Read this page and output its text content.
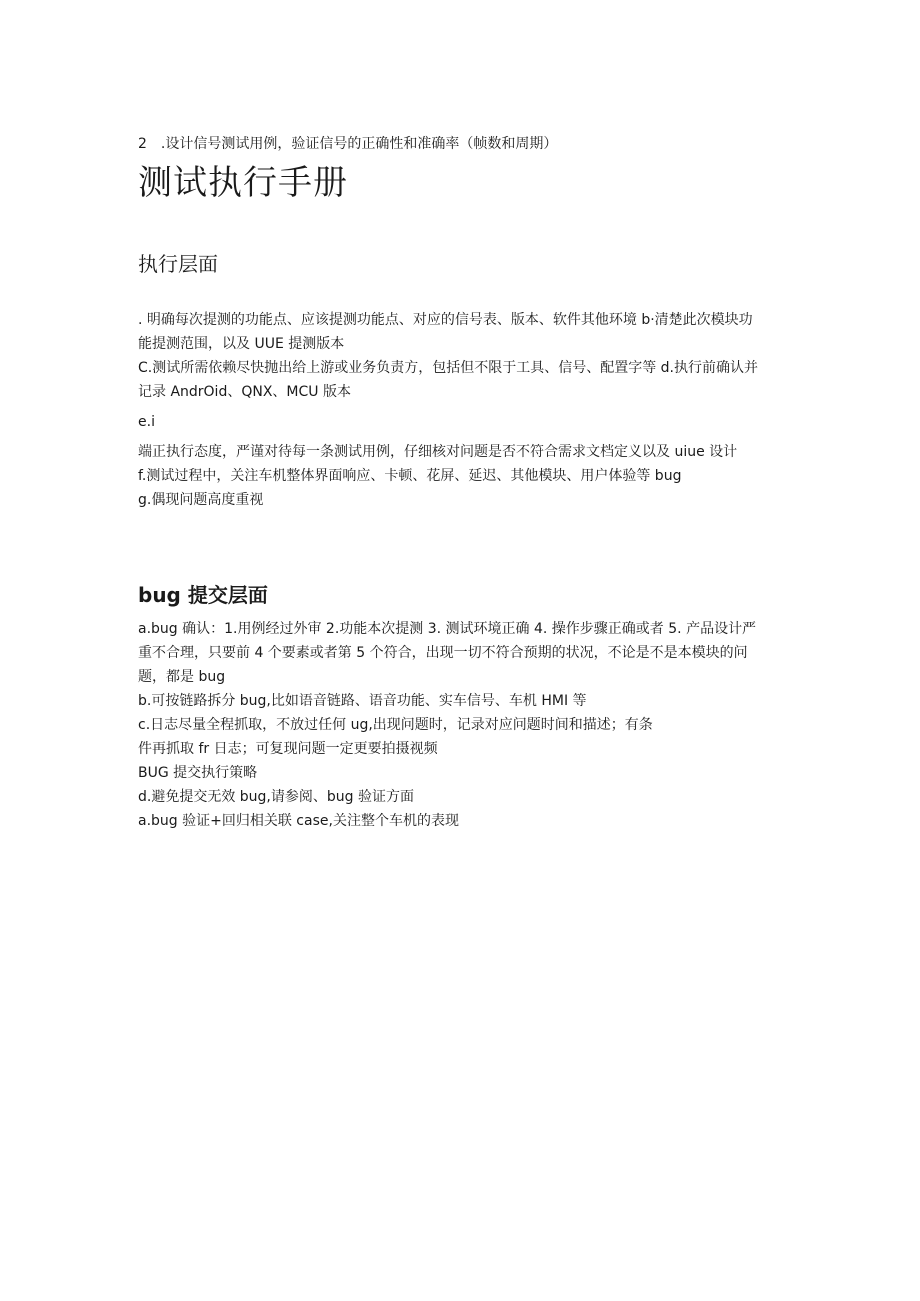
2　.设计信号测试用例，验证信号的正确性和准确率（帧数和周期）
测试执行手册
执行层面

. 明确每次提测的功能点、应该提测功能点、对应的信号表、版本、软件其他环境 b·清楚此次模块功能提测范围，以及 UUE 提测版本

C.测试所需依赖尽快抛出给上游或业务负责方，包括但不限于工具、信号、配置字等 d.执行前确认并记录 AndrOid、QNX、MCU 版本

e.i

端正执行态度，严谨对待每一条测试用例，仔细核对问题是否不符合需求文档定义以及 uiue 设计

f.测试过程中，关注车机整体界面响应、卡顿、花屏、延迟、其他模块、用户体验等 bug

g.偶现问题高度重视

bug 提交层面

a.bug 确认：1.用例经过外审 2.功能本次提测 3. 测试环境正确 4. 操作步骤正确或者 5. 产品设计严重不合理，只要前 4 个要素或者第 5 个符合，出现一切不符合预期的状况，不论是不是本模块的问题，都是 bug

b.可按链路拆分 bug,比如语音链路、语音功能、实车信号、车机 HMI 等

c.日志尽量全程抓取，不放过任何 ug,出现问题时，记录对应问题时间和描述；有条

件再抓取 fr 日志；可复现问题一定更要拍摄视频

BUG 提交执行策略

d.避免提交无效 bug,请参阅、bug 验证方面

a.bug 验证+回归相关联 case,关注整个车机的表现
